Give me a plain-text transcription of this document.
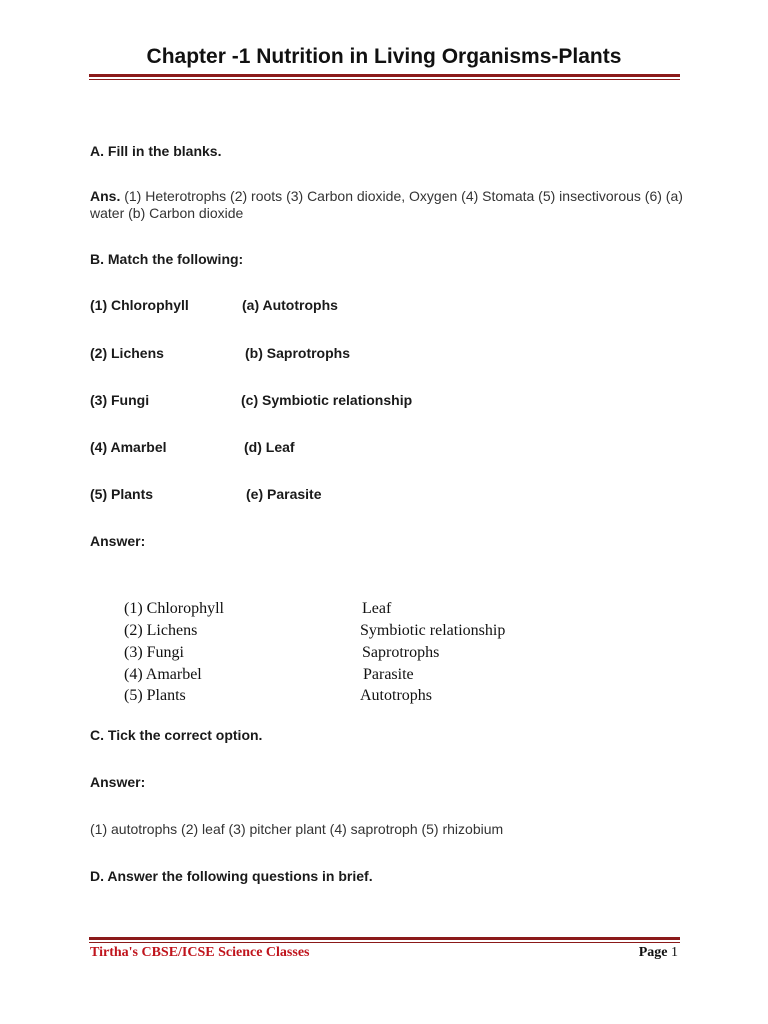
Chapter -1 Nutrition in Living Organisms-Plants
A. Fill in the blanks.
Ans. (1) Heterotrophs (2) roots (3) Carbon dioxide, Oxygen (4) Stomata (5) insectivorous (6) (a)
water (b) Carbon dioxide
B. Match the following:
(1) Chlorophyll	(a) Autotrophs
(2) Lichens	(b) Saprotrophs
(3) Fungi	(c) Symbiotic relationship
(4) Amarbel	(d) Leaf
(5) Plants	(e) Parasite
Answer:
(1) Chlorophyll	Leaf
(2) Lichens	Symbiotic relationship
(3) Fungi	Saprotrophs
(4) Amarbel	Parasite
(5) Plants	Autotrophs
C. Tick the correct option.
Answer:
(1) autotrophs (2) leaf (3) pitcher plant (4) saprotroph (5) rhizobium
D. Answer the following questions in brief.
Tirtha's CBSE/ICSE Science Classes	Page 1
